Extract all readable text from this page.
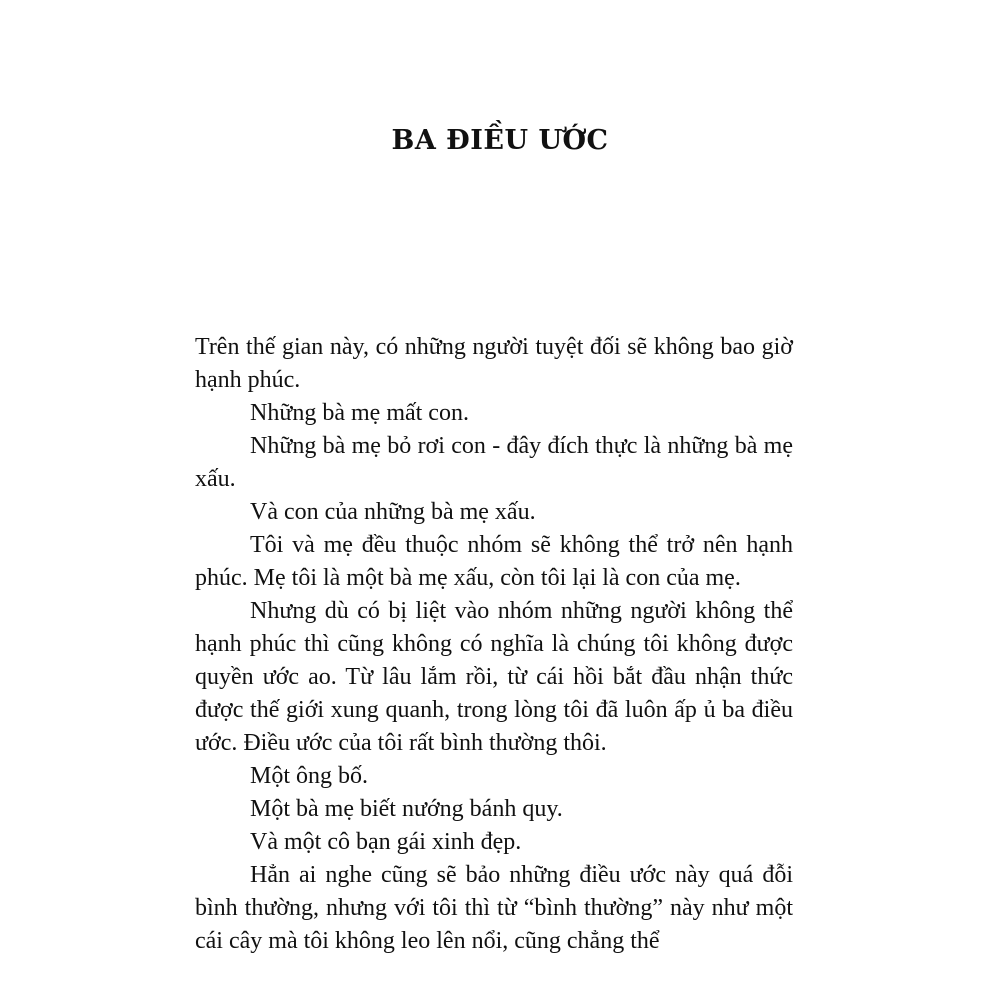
BA ĐIỀU ƯỚC

Trên thế gian này, có những người tuyệt đối sẽ không bao giờ hạnh phúc.

Những bà mẹ mất con.

Những bà mẹ bỏ rơi con - đây đích thực là những bà mẹ xấu.

Và con của những bà mẹ xấu.

Tôi và mẹ đều thuộc nhóm sẽ không thể trở nên hạnh phúc. Mẹ tôi là một bà mẹ xấu, còn tôi lại là con của mẹ.

Nhưng dù có bị liệt vào nhóm những người không thể hạnh phúc thì cũng không có nghĩa là chúng tôi không được quyền ước ao. Từ lâu lắm rồi, từ cái hồi bắt đầu nhận thức được thế giới xung quanh, trong lòng tôi đã luôn ấp ủ ba điều ước. Điều ước của tôi rất bình thường thôi.

Một ông bố.

Một bà mẹ biết nướng bánh quy.

Và một cô bạn gái xinh đẹp.

Hẳn ai nghe cũng sẽ bảo những điều ước này quá đỗi bình thường, nhưng với tôi thì từ “bình thường” này như một cái cây mà tôi không leo lên nổi, cũng chẳng thể
